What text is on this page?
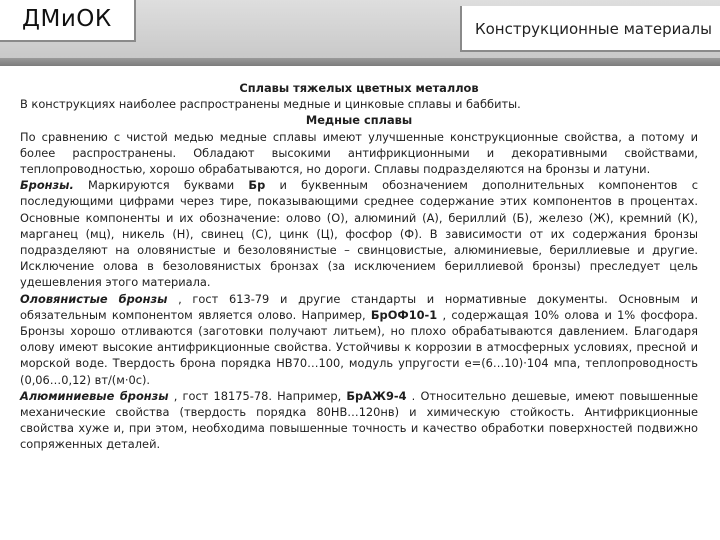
ДМиОК	Конструкционные материалы
Сплавы тяжелых цветных металлов
В конструкциях наиболее распространены медные и цинковые сплавы и баббиты.
Медные сплавы
По сравнению с чистой медью медные сплавы имеют улучшенные конструкционные свойства, а потому и более распространены. Обладают высокими антифрикционными и декоративными свойствами, теплопроводностью, хорошо обрабатываются, но дороги. Сплавы подразделяются на бронзы и латуни.
Бронзы. Маркируются буквами Бр и буквенным обозначением дополнительных компонентов с последующими цифрами через тире, показывающими среднее содержание этих компонентов в процентах. Основные компоненты и их обозначение: олово (О), алюминий (А), бериллий (Б), железо (Ж), кремний (К), марганец (мц), никель (Н), свинец (С), цинк (Ц), фосфор (Ф). В зависимости от их содержания бронзы подразделяют на оловянистые и безоловянистые – свинцовистые, алюминиевые, бериллиевые и другие. Исключение олова в безоловянистых бронзах (за исключением бериллиевой бронзы) преследует цель удешевления этого материала.
Оловянистые бронзы , гост 613-79 и другие стандарты и нормативные документы. Основным и обязательным компонентом является олово. Например, БрОФ10-1 , содержащая 10% олова и 1% фосфора. Бронзы хорошо отливаются (заготовки получают литьем), но плохо обрабатываются давлением. Благодаря олову имеют высокие антифрикционные свойства. Устойчивы к коррозии в атмосферных условиях, пресной и морской воде. Твердость брона порядка HB70…100, модуль упругости е=(6…10)·104 мпа, теплопроводность (0,06…0,12) вт/(м·0с).
Алюминиевые бронзы , гост 18175-78. Например, БрАЖ9-4 . Относительно дешевые, имеют повышенные механические свойства (твердость порядка 80НВ…120нв) и химическую стойкость. Антифрикционные свойства хуже и, при этом, необходима повышенные точность и качество обработки поверхностей подвижно сопряженных деталей.
